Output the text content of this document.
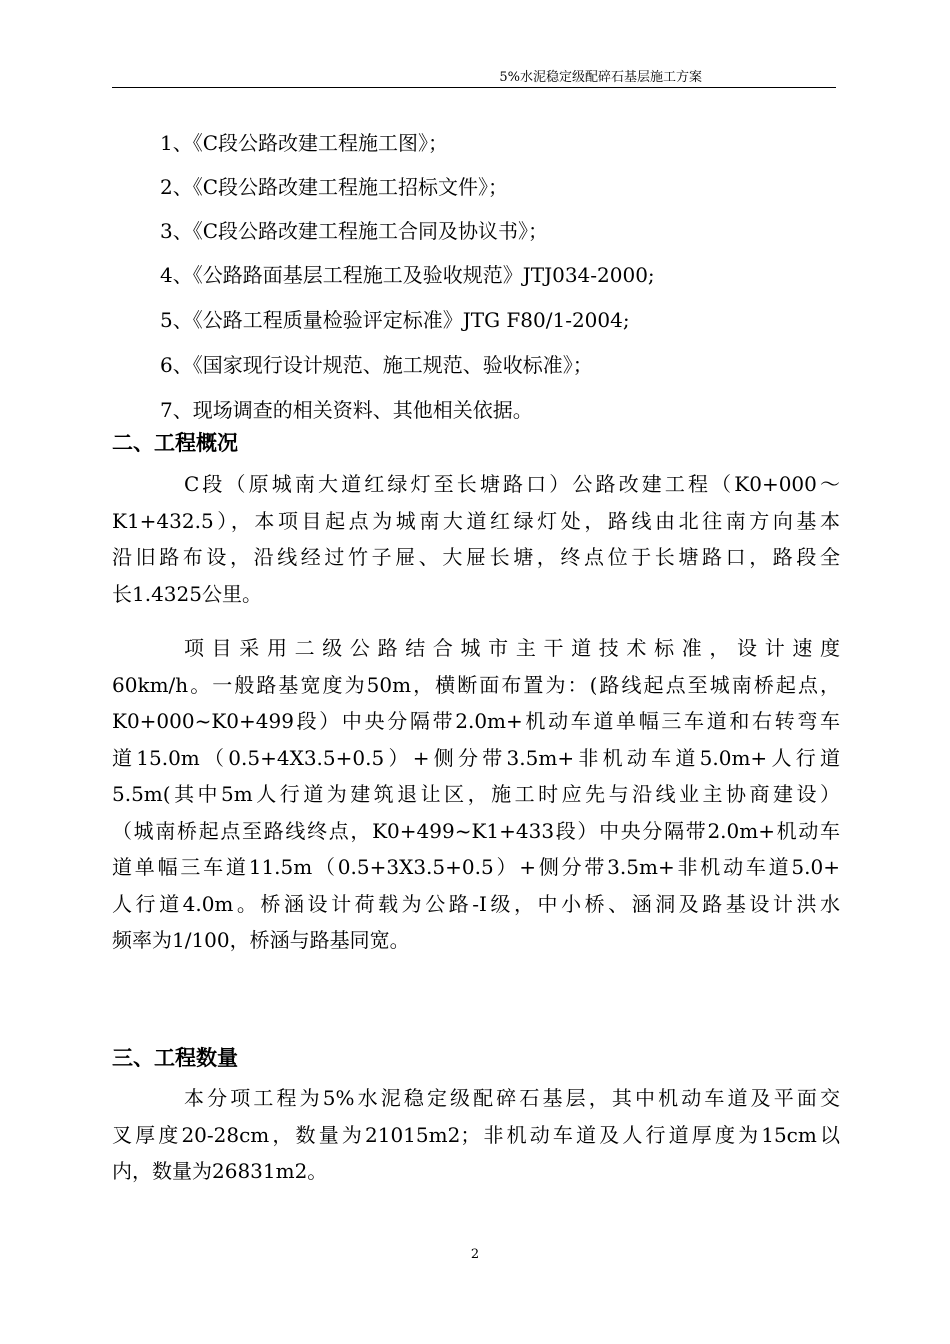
5%水泥稳定级配碎石基层施工方案
1、《C段公路改建工程施工图》；
2、《C段公路改建工程施工招标文件》；
3、《C段公路改建工程施工合同及协议书》；
4、《公路路面基层工程施工及验收规范》JTJ034-2000;
5、《公路工程质量检验评定标准》JTG F80/1-2004;
6、《国家现行设计规范、施工规范、验收标准》；
7、现场调查的相关资料、其他相关依据。
二、工程概况
C段（原城南大道红绿灯至长塘路口）公路改建工程（K0+000～
K1+432.5），本项目起点为城南大道红绿灯处，路线由北往南方向基本
沿旧路布设，沿线经过竹子屉、大屉长塘，终点位于长塘路口，路段全
长1.4325公里。
项目采用二级公路结合城市主干道技术标准，设计速度
60km/h。一般路基宽度为50m，横断面布置为：(路线起点至城南桥起点，
K0+000~K0+499段）中央分隔带2.0m+机动车道单幅三车道和右转弯车
道15.0m（0.5+4X3.5+0.5）+侧分带3.5m+非机动车道5.0m+人行道
5.5m(其中5m人行道为建筑退让区，施工时应先与沿线业主协商建设）
（城南桥起点至路线终点，K0+499~K1+433段）中央分隔带2.0m+机动车
道单幅三车道11.5m（0.5+3X3.5+0.5）+侧分带3.5m+非机动车道5.0+
人行道4.0m。桥涵设计荷载为公路-I级，中小桥、涵洞及路基设计洪水
频率为1/100，桥涵与路基同宽。
三、工程数量
本分项工程为5%水泥稳定级配碎石基层，其中机动车道及平面交
叉厚度20-28cm，数量为21015m2；非机动车道及人行道厚度为15cm以
内，数量为26831m2。
2
